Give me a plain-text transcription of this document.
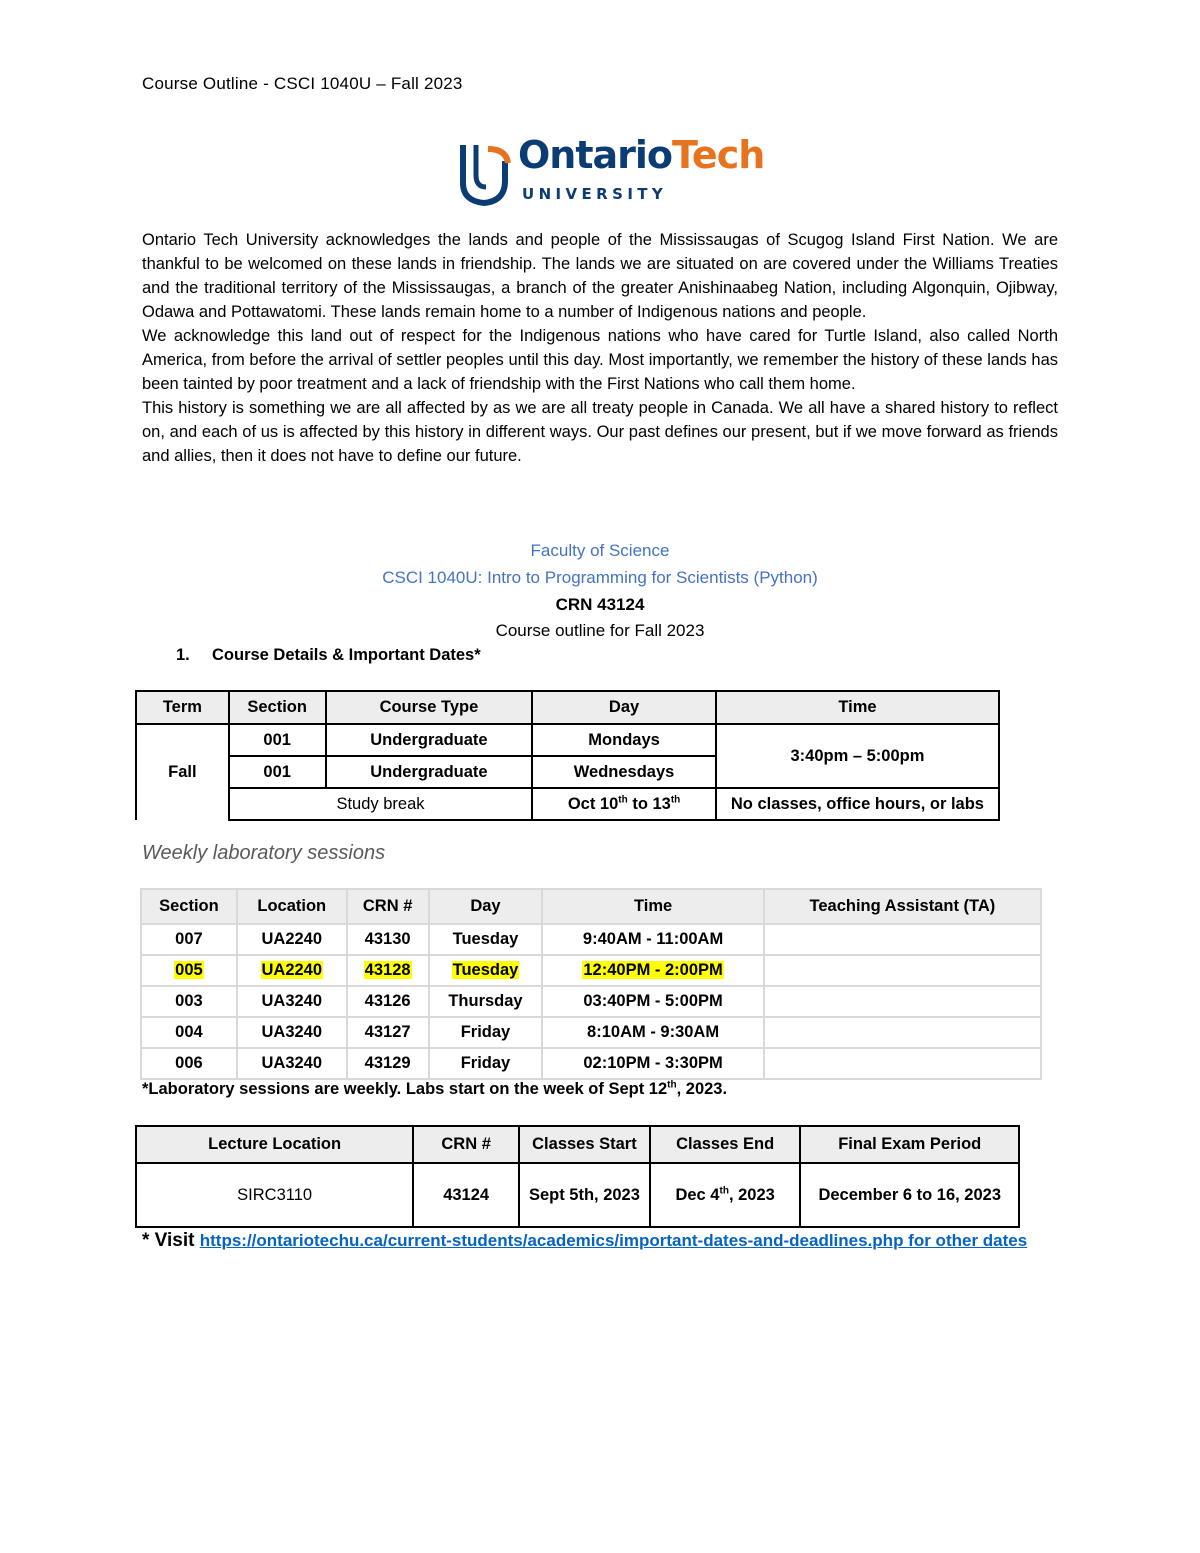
Course Outline - CSCI 1040U – Fall 2023
OntarioTech
UNIVERSITY

Ontario Tech University acknowledges the lands and people of the Mississaugas of Scugog Island First Nation. We are thankful to be welcomed on these lands in friendship. The lands we are situated on are covered under the Williams Treaties and the traditional territory of the Mississaugas, a branch of the greater Anishinaabeg Nation, including Algonquin, Ojibway, Odawa and Pottawatomi. These lands remain home to a number of Indigenous nations and people.

We acknowledge this land out of respect for the Indigenous nations who have cared for Turtle Island, also called North America, from before the arrival of settler peoples until this day. Most importantly, we remember the history of these lands has been tainted by poor treatment and a lack of friendship with the First Nations who call them home.

This history is something we are all affected by as we are all treaty people in Canada. We all have a shared history to reflect on, and each of us is affected by this history in different ways. Our past defines our present, but if we move forward as friends and allies, then it does not have to define our future.

Faculty of Science
CSCI 1040U: Intro to Programming for Scientists (Python)
CRN 43124
Course outline for Fall 2023
1. Course Details & Important Dates*
Term	Section	Course Type	Day	Time
Fall	001	Undergraduate	Mondays	3:40pm – 5:00pm
	001	Undergraduate	Wednesdays	
	Study break		Oct 10th to 13th	No classes, office hours, or labs
Weekly laboratory sessions
Section	Location	CRN #	Day	Time	Teaching Assistant (TA)
007	UA2240	43130	Tuesday	9:40AM - 11:00AM	
005	UA2240	43128	Tuesday	12:40PM - 2:00PM	
003	UA3240	43126	Thursday	03:40PM - 5:00PM	
004	UA3240	43127	Friday	8:10AM - 9:30AM	
006	UA3240	43129	Friday	02:10PM - 3:30PM	
*Laboratory sessions are weekly. Labs start on the week of Sept 12th, 2023.
Lecture Location	CRN #	Classes Start	Classes End	Final Exam Period
SIRC3110	43124	Sept 5th, 2023	Dec 4th, 2023	December 6 to 16, 2023
* Visit https://ontariotechu.ca/current-students/academics/important-dates-and-deadlines.php for other dates
